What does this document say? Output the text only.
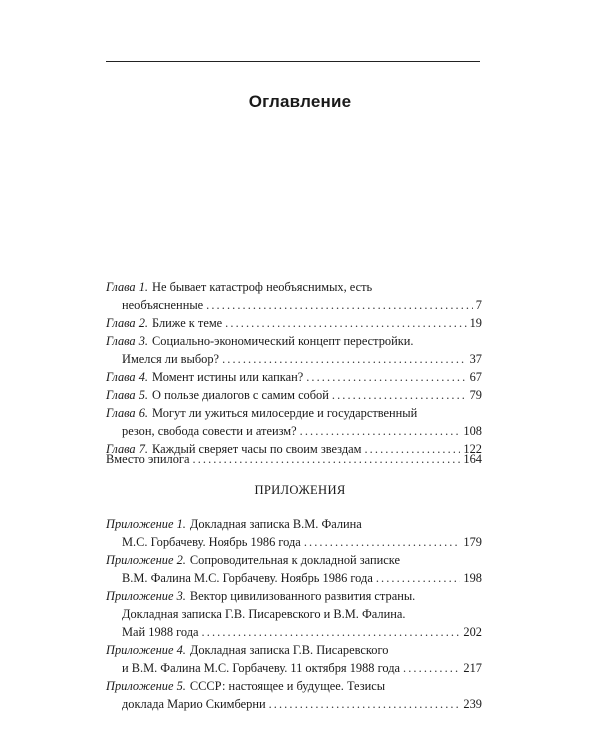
Оглавление
Глава 1. Не бывает катастроф необъяснимых, есть
необъясненные . . .	7
Глава 2. Ближе к теме . . .	19
Глава 3. Социально-экономический концепт перестройки.
Имелся ли выбор? . . .	37
Глава 4. Момент истины или капкан? . . .	67
Глава 5. О пользе диалогов с самим собой . . .	79
Глава 6. Могут ли ужиться милосердие и государственный
резон, свобода совести и атеизм? . . .	108
Глава 7. Каждый сверяет часы по своим звездам . . .	122
Вместо эпилога . . .	164
ПРИЛОЖЕНИЯ
Приложение 1. Докладная записка В.М. Фалина
М.С. Горбачеву. Ноябрь 1986 года . . .	179
Приложение 2. Сопроводительная к докладной записке
В.М. Фалина М.С. Горбачеву. Ноябрь 1986 года . . .	198
Приложение 3. Вектор цивилизованного развития страны.
Докладная записка Г.В. Писаревского и В.М. Фалина.
Май 1988 года . . .	202
Приложение 4. Докладная записка Г.В. Писаревского
и В.М. Фалина М.С. Горбачеву. 11 октября 1988 года . . .	217
Приложение 5. СССР: настоящее и будущее. Тезисы
доклада Марио Скимберни . . .	239
